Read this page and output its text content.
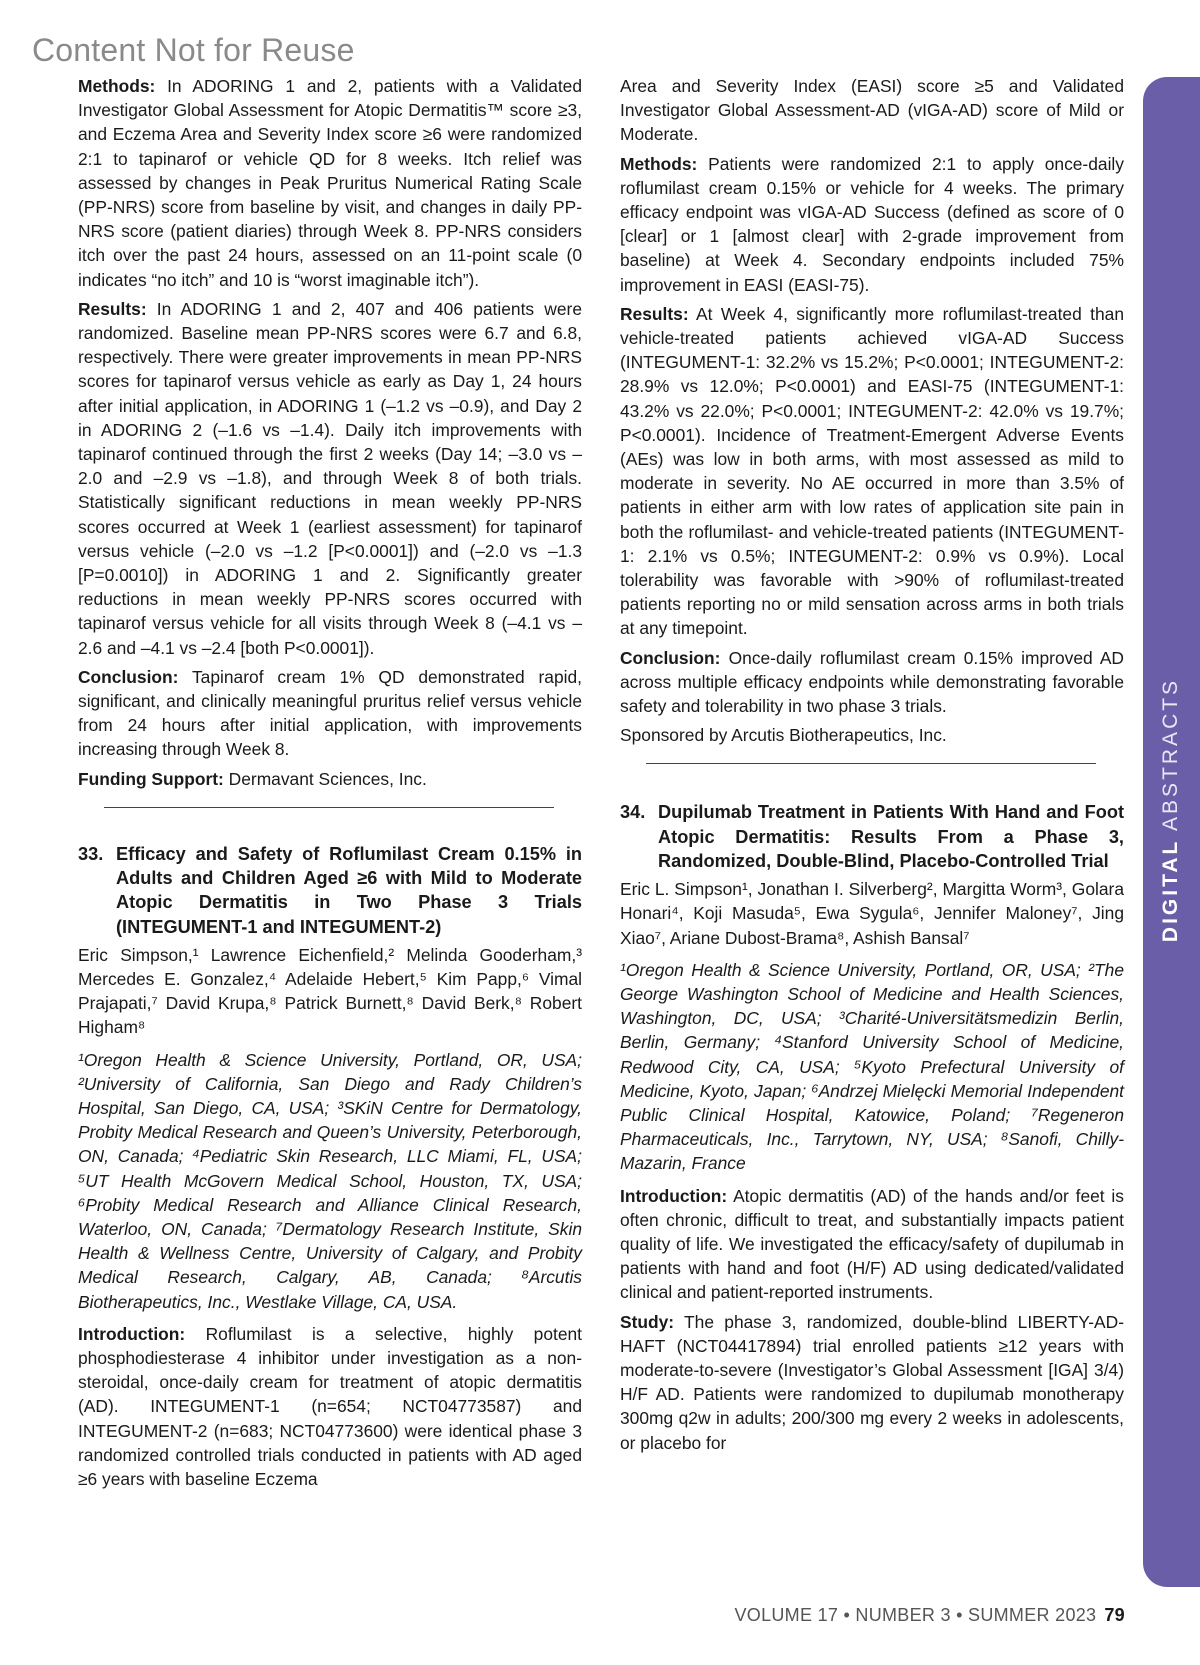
Content Not for Reuse

Methods: In ADORING 1 and 2, patients with a Validated Investigator Global Assessment for Atopic Dermatitis™ score ≥3, and Eczema Area and Severity Index score ≥6 were randomized 2:1 to tapinarof or vehicle QD for 8 weeks. Itch relief was assessed by changes in Peak Pruritus Numerical Rating Scale (PP-NRS) score from baseline by visit, and changes in daily PP-NRS score (patient diaries) through Week 8. PP-NRS considers itch over the past 24 hours, assessed on an 11-point scale (0 indicates “no itch” and 10 is “worst imaginable itch”).

Results: In ADORING 1 and 2, 407 and 406 patients were randomized. Baseline mean PP-NRS scores were 6.7 and 6.8, respectively. There were greater improvements in mean PP-NRS scores for tapinarof versus vehicle as early as Day 1, 24 hours after initial application, in ADORING 1 (–1.2 vs –0.9), and Day 2 in ADORING 2 (–1.6 vs –1.4). Daily itch improvements with tapinarof continued through the first 2 weeks (Day 14; –3.0 vs –2.0 and –2.9 vs –1.8), and through Week 8 of both trials. Statistically significant reductions in mean weekly PP-NRS scores occurred at Week 1 (earliest assessment) for tapinarof versus vehicle (–2.0 vs –1.2 [P<0.0001]) and (–2.0 vs –1.3 [P=0.0010]) in ADORING 1 and 2. Significantly greater reductions in mean weekly PP-NRS scores occurred with tapinarof versus vehicle for all visits through Week 8 (–4.1 vs –2.6 and –4.1 vs –2.4 [both P<0.0001]).

Conclusion: Tapinarof cream 1% QD demonstrated rapid, significant, and clinically meaningful pruritus relief versus vehicle from 24 hours after initial application, with improvements increasing through Week 8.

Funding Support: Dermavant Sciences, Inc.

33. Efficacy and Safety of Roflumilast Cream 0.15% in Adults and Children Aged ≥6 with Mild to Moderate Atopic Dermatitis in Two Phase 3 Trials (INTEGUMENT-1 and INTEGUMENT-2)

Eric Simpson,¹ Lawrence Eichenfield,² Melinda Gooderham,³ Mercedes E. Gonzalez,⁴ Adelaide Hebert,⁵ Kim Papp,⁶ Vimal Prajapati,⁷ David Krupa,⁸ Patrick Burnett,⁸ David Berk,⁸ Robert Higham⁸

¹Oregon Health & Science University, Portland, OR, USA; ²University of California, San Diego and Rady Children’s Hospital, San Diego, CA, USA; ³SKiN Centre for Dermatology, Probity Medical Research and Queen’s University, Peterborough, ON, Canada; ⁴Pediatric Skin Research, LLC Miami, FL, USA; ⁵UT Health McGovern Medical School, Houston, TX, USA; ⁶Probity Medical Research and Alliance Clinical Research, Waterloo, ON, Canada; ⁷Dermatology Research Institute, Skin Health & Wellness Centre, University of Calgary, and Probity Medical Research, Calgary, AB, Canada; ⁸Arcutis Biotherapeutics, Inc., Westlake Village, CA, USA.

Introduction: Roflumilast is a selective, highly potent phosphodiesterase 4 inhibitor under investigation as a non-steroidal, once-daily cream for treatment of atopic dermatitis (AD). INTEGUMENT-1 (n=654; NCT04773587) and INTEGUMENT-2 (n=683; NCT04773600) were identical phase 3 randomized controlled trials conducted in patients with AD aged ≥6 years with baseline Eczema

Area and Severity Index (EASI) score ≥5 and Validated Investigator Global Assessment-AD (vIGA-AD) score of Mild or Moderate.

Methods: Patients were randomized 2:1 to apply once-daily roflumilast cream 0.15% or vehicle for 4 weeks. The primary efficacy endpoint was vIGA-AD Success (defined as score of 0 [clear] or 1 [almost clear] with 2-grade improvement from baseline) at Week 4. Secondary endpoints included 75% improvement in EASI (EASI-75).

Results: At Week 4, significantly more roflumilast-treated than vehicle-treated patients achieved vIGA-AD Success (INTEGUMENT-1: 32.2% vs 15.2%; P<0.0001; INTEGUMENT-2: 28.9% vs 12.0%; P<0.0001) and EASI-75 (INTEGUMENT-1: 43.2% vs 22.0%; P<0.0001; INTEGUMENT-2: 42.0% vs 19.7%; P<0.0001). Incidence of Treatment-Emergent Adverse Events (AEs) was low in both arms, with most assessed as mild to moderate in severity. No AE occurred in more than 3.5% of patients in either arm with low rates of application site pain in both the roflumilast- and vehicle-treated patients (INTEGUMENT-1: 2.1% vs 0.5%; INTEGUMENT-2: 0.9% vs 0.9%). Local tolerability was favorable with >90% of roflumilast-treated patients reporting no or mild sensation across arms in both trials at any timepoint.

Conclusion: Once-daily roflumilast cream 0.15% improved AD across multiple efficacy endpoints while demonstrating favorable safety and tolerability in two phase 3 trials.

Sponsored by Arcutis Biotherapeutics, Inc.

34. Dupilumab Treatment in Patients With Hand and Foot Atopic Dermatitis: Results From a Phase 3, Randomized, Double-Blind, Placebo-Controlled Trial

Eric L. Simpson¹, Jonathan I. Silverberg², Margitta Worm³, Golara Honari⁴, Koji Masuda⁵, Ewa Sygula⁶, Jennifer Maloney⁷, Jing Xiao⁷, Ariane Dubost-Brama⁸, Ashish Bansal⁷

¹Oregon Health & Science University, Portland, OR, USA; ²The George Washington School of Medicine and Health Sciences, Washington, DC, USA; ³Charité-Universitätsmedizin Berlin, Berlin, Germany; ⁴Stanford University School of Medicine, Redwood City, CA, USA; ⁵Kyoto Prefectural University of Medicine, Kyoto, Japan; ⁶Andrzej Mielęcki Memorial Independent Public Clinical Hospital, Katowice, Poland; ⁷Regeneron Pharmaceuticals, Inc., Tarrytown, NY, USA; ⁸Sanofi, Chilly-Mazarin, France

Introduction: Atopic dermatitis (AD) of the hands and/or feet is often chronic, difficult to treat, and substantially impacts patient quality of life. We investigated the efficacy/safety of dupilumab in patients with hand and foot (H/F) AD using dedicated/validated clinical and patient-reported instruments.

Study: The phase 3, randomized, double-blind LIBERTY-AD-HAFT (NCT04417894) trial enrolled patients ≥12 years with moderate-to-severe (Investigator’s Global Assessment [IGA] 3/4) H/F AD. Patients were randomized to dupilumab monotherapy 300mg q2w in adults; 200/300 mg every 2 weeks in adolescents, or placebo for

DIGITAL ABSTRACTS
VOLUME 17 • NUMBER 3 • SUMMER 2023 79
